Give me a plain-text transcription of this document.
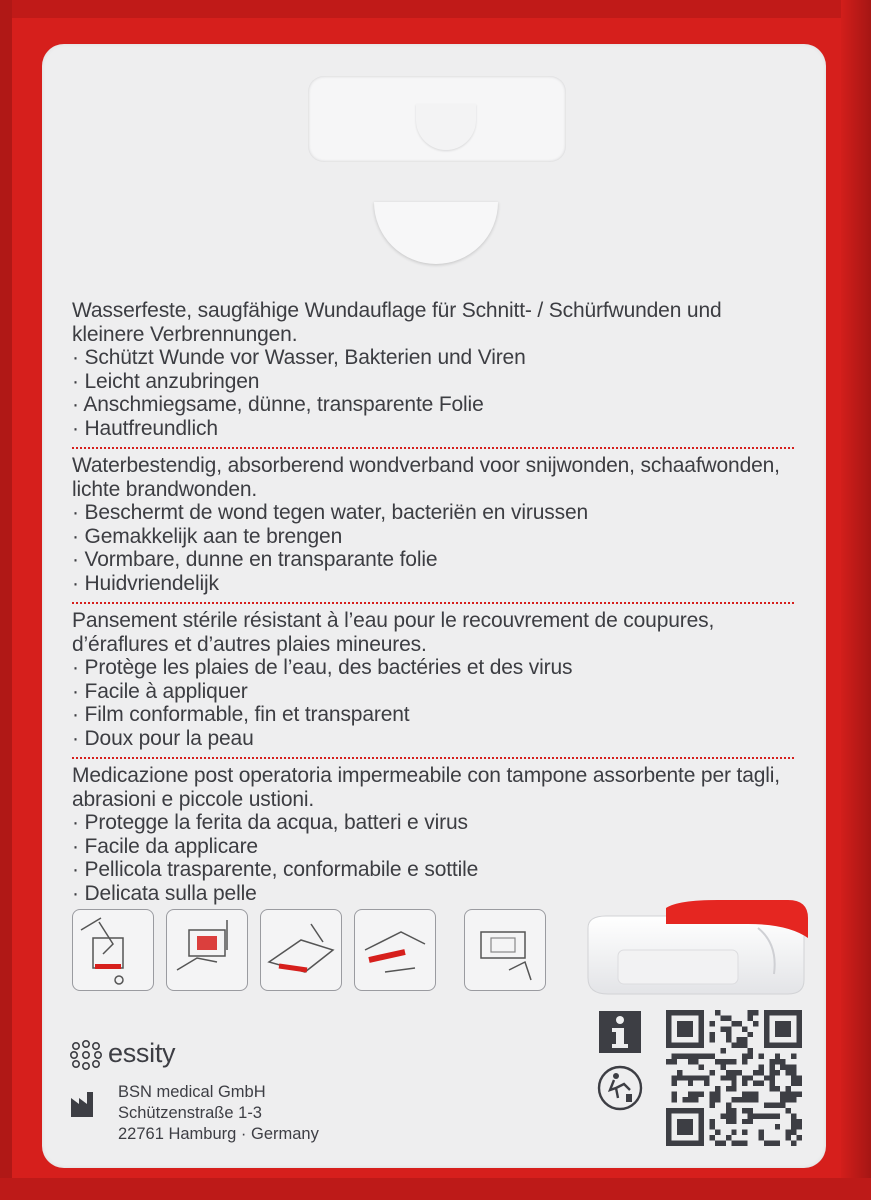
Wasserfeste, saugfähige Wundauflage für Schnitt- / Schürfwunden und kleinere Verbrennungen.

· Schützt Wunde vor Wasser, Bakterien und Viren
· Leicht anzubringen
· Anschmiegsame, dünne, transparente Folie
· Hautfreundlich

Waterbestendig, absorberend wondverband voor snijwonden, schaafwonden, lichte brandwonden.

· Beschermt de wond tegen water, bacteriën en virussen
· Gemakkelijk aan te brengen
· Vormbare, dunne en transparante folie
· Huidvriendelijk

Pansement stérile résistant à l’eau pour le recouvrement de coupures, d’éraflures et d’autres plaies mineures.

· Protège les plaies de l’eau, des bactéries et des virus
· Facile à appliquer
· Film conformable, fin et transparent
· Doux pour la peau

Medicazione post operatoria impermeabile con tampone assorbente per tagli, abrasioni e piccole ustioni.

· Protegge la ferita da acqua, batteri e virus
· Facile da applicare
· Pellicola trasparente, conformabile e sottile
· Delicata sulla pelle
essity
BSN medical GmbH
Schützenstraße 1-3
22761 Hamburg · Germany
